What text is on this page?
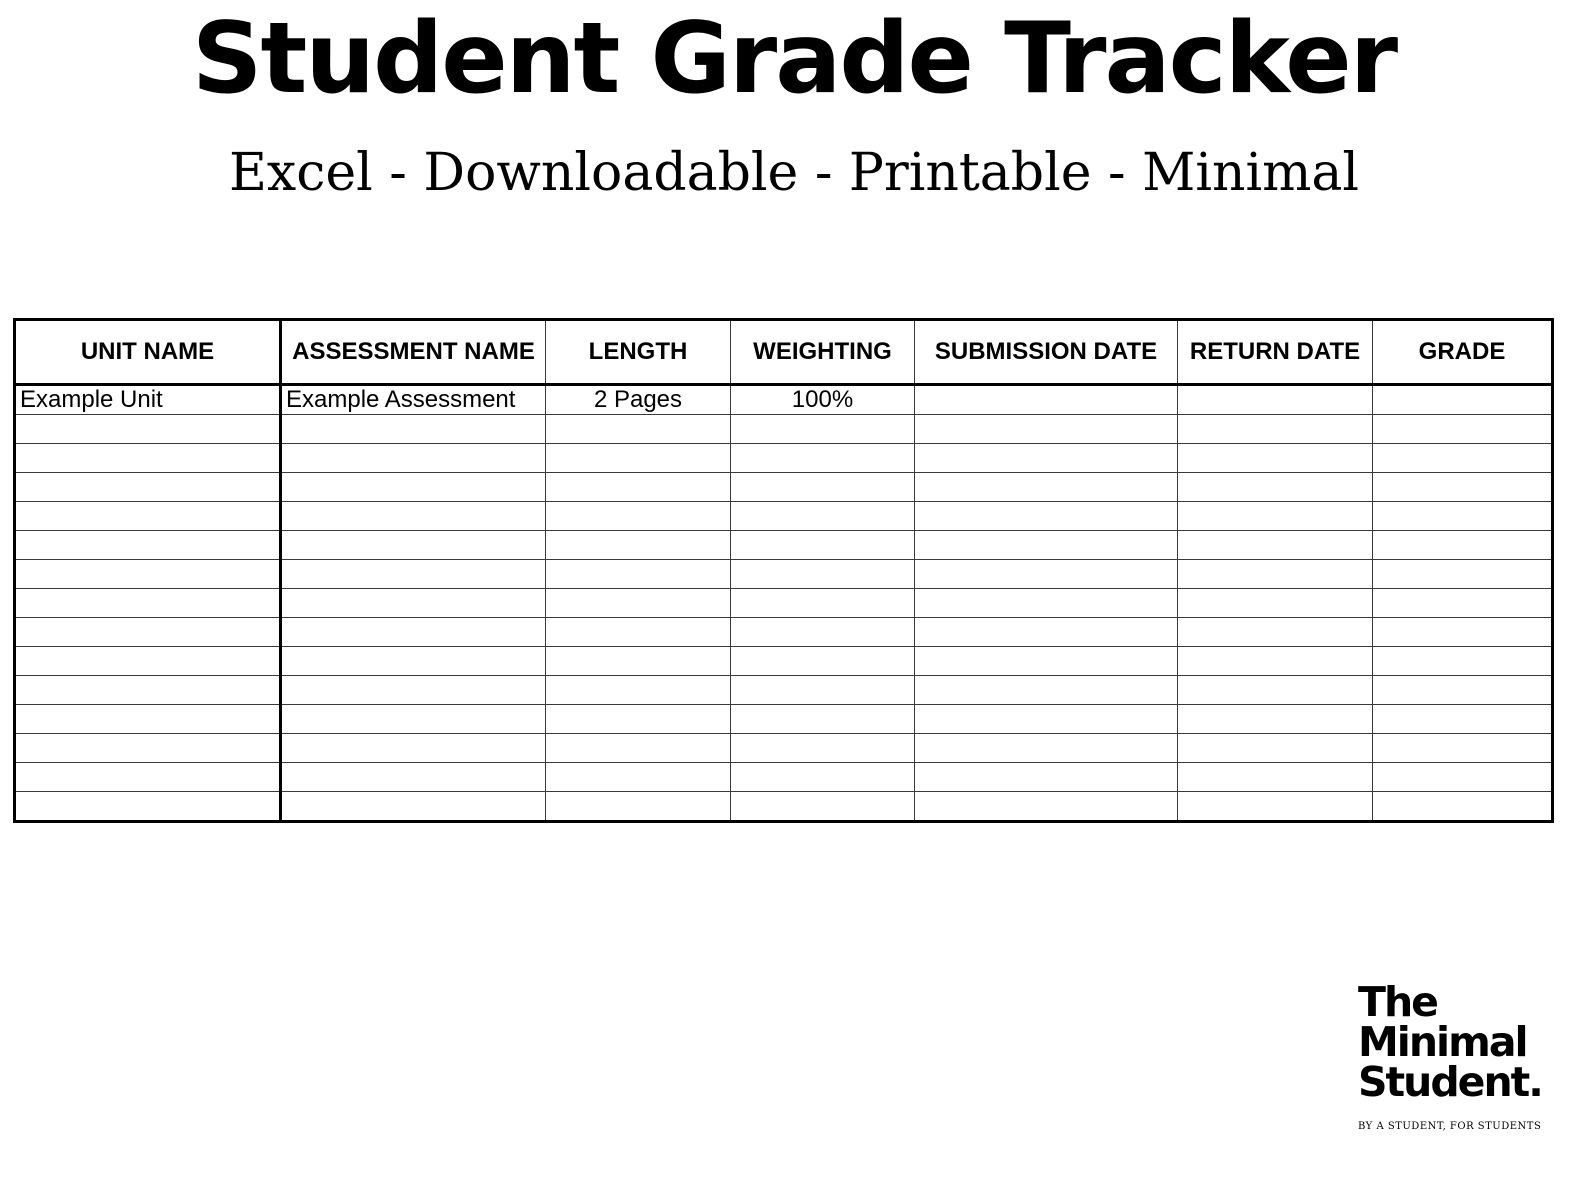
Student Grade Tracker
Excel - Downloadable - Printable - Minimal
UNIT NAME	ASSESSMENT NAME	LENGTH	WEIGHTING	SUBMISSION DATE	RETURN DATE	GRADE
Example Unit	Example Assessment	2 Pages	100%			

The
Minimal
Student.
BY A STUDENT, FOR STUDENTS
